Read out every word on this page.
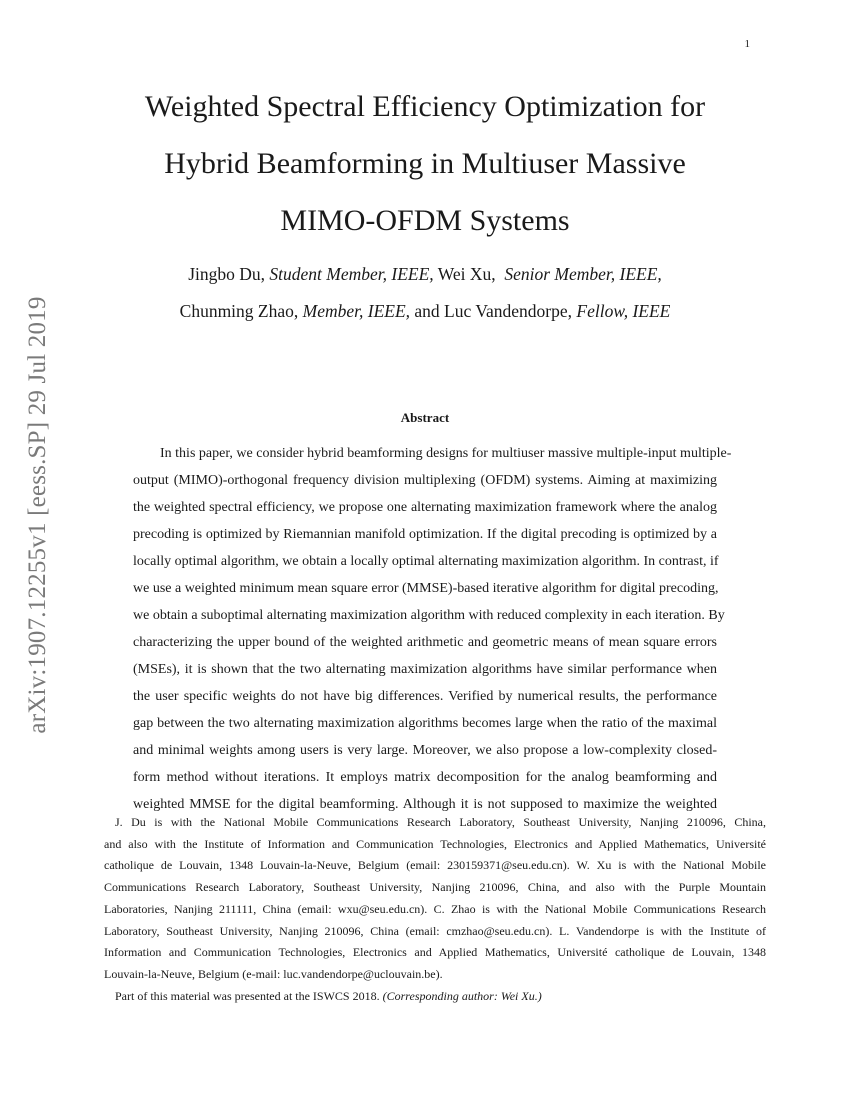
1
arXiv:1907.12255v1 [eess.SP] 29 Jul 2019
Weighted Spectral Efficiency Optimization for
Hybrid Beamforming in Multiuser Massive
MIMO-OFDM Systems
Jingbo Du, Student Member, IEEE, Wei Xu,  Senior Member, IEEE,
Chunming Zhao, Member, IEEE, and Luc Vandendorpe, Fellow, IEEE
Abstract
In this paper, we consider hybrid beamforming designs for multiuser massive multiple-input multiple-
output (MIMO)-orthogonal frequency division multiplexing (OFDM) systems. Aiming at maximizing
the weighted spectral efficiency, we propose one alternating maximization framework where the analog
precoding is optimized by Riemannian manifold optimization. If the digital precoding is optimized by a
locally optimal algorithm, we obtain a locally optimal alternating maximization algorithm. In contrast, if
we use a weighted minimum mean square error (MMSE)-based iterative algorithm for digital precoding,
we obtain a suboptimal alternating maximization algorithm with reduced complexity in each iteration. By
characterizing the upper bound of the weighted arithmetic and geometric means of mean square errors
(MSEs), it is shown that the two alternating maximization algorithms have similar performance when
the user specific weights do not have big differences. Verified by numerical results, the performance
gap between the two alternating maximization algorithms becomes large when the ratio of the maximal
and minimal weights among users is very large. Moreover, we also propose a low-complexity closed-
form method without iterations. It employs matrix decomposition for the analog beamforming and
weighted MMSE for the digital beamforming. Although it is not supposed to maximize the weighted
J. Du is with the National Mobile Communications Research Laboratory, Southeast University, Nanjing 210096, China,
and also with the Institute of Information and Communication Technologies, Electronics and Applied Mathematics, Université
catholique de Louvain, 1348 Louvain-la-Neuve, Belgium (email: 230159371@seu.edu.cn). W. Xu is with the National Mobile
Communications Research Laboratory, Southeast University, Nanjing 210096, China, and also with the Purple Mountain
Laboratories, Nanjing 211111, China (email: wxu@seu.edu.cn). C. Zhao is with the National Mobile Communications Research
Laboratory, Southeast University, Nanjing 210096, China (email: cmzhao@seu.edu.cn). L. Vandendorpe is with the Institute of
Information and Communication Technologies, Electronics and Applied Mathematics, Université catholique de Louvain, 1348
Louvain-la-Neuve, Belgium (e-mail: luc.vandendorpe@uclouvain.be).
Part of this material was presented at the ISWCS 2018. (Corresponding author: Wei Xu.)
